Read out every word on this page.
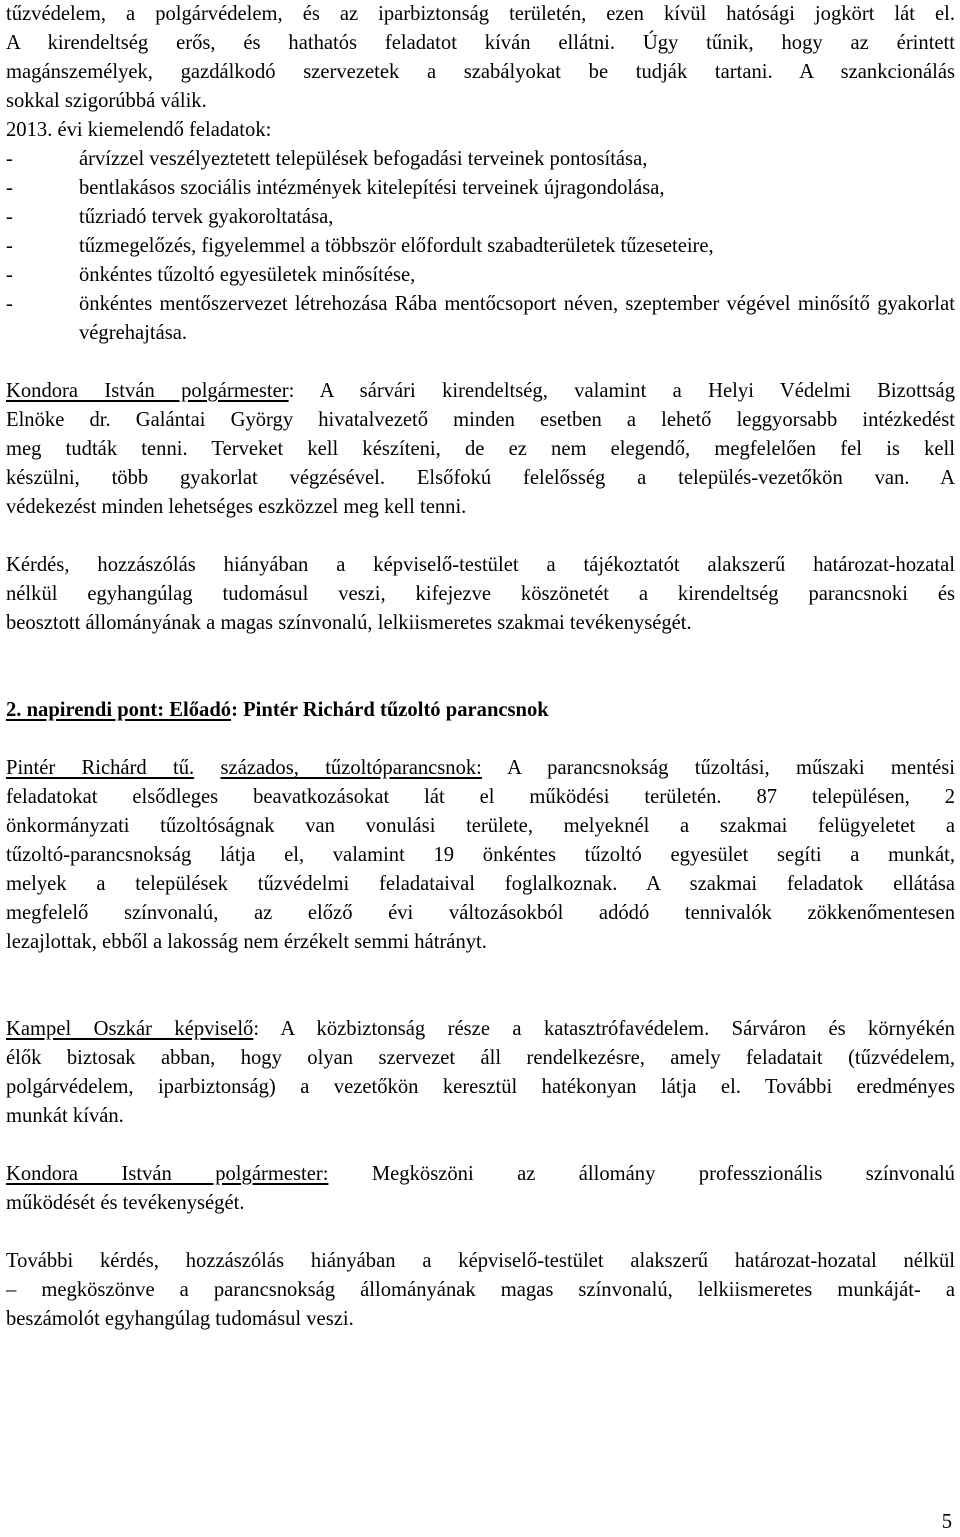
tűzvédelem, a polgárvédelem, és az iparbiztonság területén, ezen kívül hatósági jogkört lát el.

A kirendeltség erős, és hathatós feladatot kíván ellátni. Úgy tűnik, hogy az érintett

magánszemélyek, gazdálkodó szervezetek a szabályokat be tudják tartani. A szankcionálás

sokkal szigorúbbá válik.

2013. évi kiemelendő feladatok:

-	árvízzel veszélyeztetett települések befogadási terveinek pontosítása,
-	bentlakásos szociális intézmények kitelepítési terveinek újragondolása,
-	tűzriadó tervek gyakoroltatása,
-	tűzmegelőzés, figyelemmel a többször előfordult szabadterületek tűzeseteire,
-	önkéntes tűzoltó egyesületek minősítése,
-	önkéntes mentőszervezet létrehozása Rába mentőcsoport néven, szeptember végével minősítő gyakorlat végrehajtása.

Kondora István polgármester: A sárvári kirendeltség, valamint a Helyi Védelmi Bizottság

Elnöke dr. Galántai György hivatalvezető minden esetben a lehető leggyorsabb intézkedést

meg tudták tenni. Terveket kell készíteni, de ez nem elegendő, megfelelően fel is kell

készülni, több gyakorlat végzésével. Elsőfokú felelősség a település-vezetőkön van. A

védekezést minden lehetséges eszközzel meg kell tenni.

Kérdés, hozzászólás hiányában a képviselő-testület a tájékoztatót alakszerű határozat-hozatal

nélkül egyhangúlag tudomásul veszi, kifejezve köszönetét a kirendeltség parancsnoki és

beosztott állományának a magas színvonalú, lelkiismeretes szakmai tevékenységét.

2. napirendi pont: Előadó: Pintér Richárd tűzoltó parancsnok

Pintér Richárd tű. százados, tűzoltóparancsnok: A parancsnokság tűzoltási, műszaki mentési

feladatokat elsődleges beavatkozásokat lát el működési területén. 87 településen, 2

önkormányzati tűzoltóságnak van vonulási területe, melyeknél a szakmai felügyeletet a

tűzoltó-parancsnokság látja el, valamint 19 önkéntes tűzoltó egyesület segíti a munkát,

melyek a települések tűzvédelmi feladataival foglalkoznak. A szakmai feladatok ellátása

megfelelő színvonalú, az előző évi változásokból adódó tennivalók zökkenőmentesen

lezajlottak, ebből a lakosság nem érzékelt semmi hátrányt.

Kampel Oszkár képviselő: A közbiztonság része a katasztrófavédelem. Sárváron és környékén

élők biztosak abban, hogy olyan szervezet áll rendelkezésre, amely feladatait (tűzvédelem,

polgárvédelem, iparbiztonság) a vezetőkön keresztül hatékonyan látja el. További eredményes

munkát kíván.

Kondora István polgármester: Megköszöni az állomány professzionális színvonalú

működését és tevékenységét.

További kérdés, hozzászólás hiányában a képviselő-testület alakszerű határozat-hozatal nélkül

– megköszönve a parancsnokság állományának magas színvonalú, lelkiismeretes munkáját- a

beszámolót egyhangúlag tudomásul veszi.

5
